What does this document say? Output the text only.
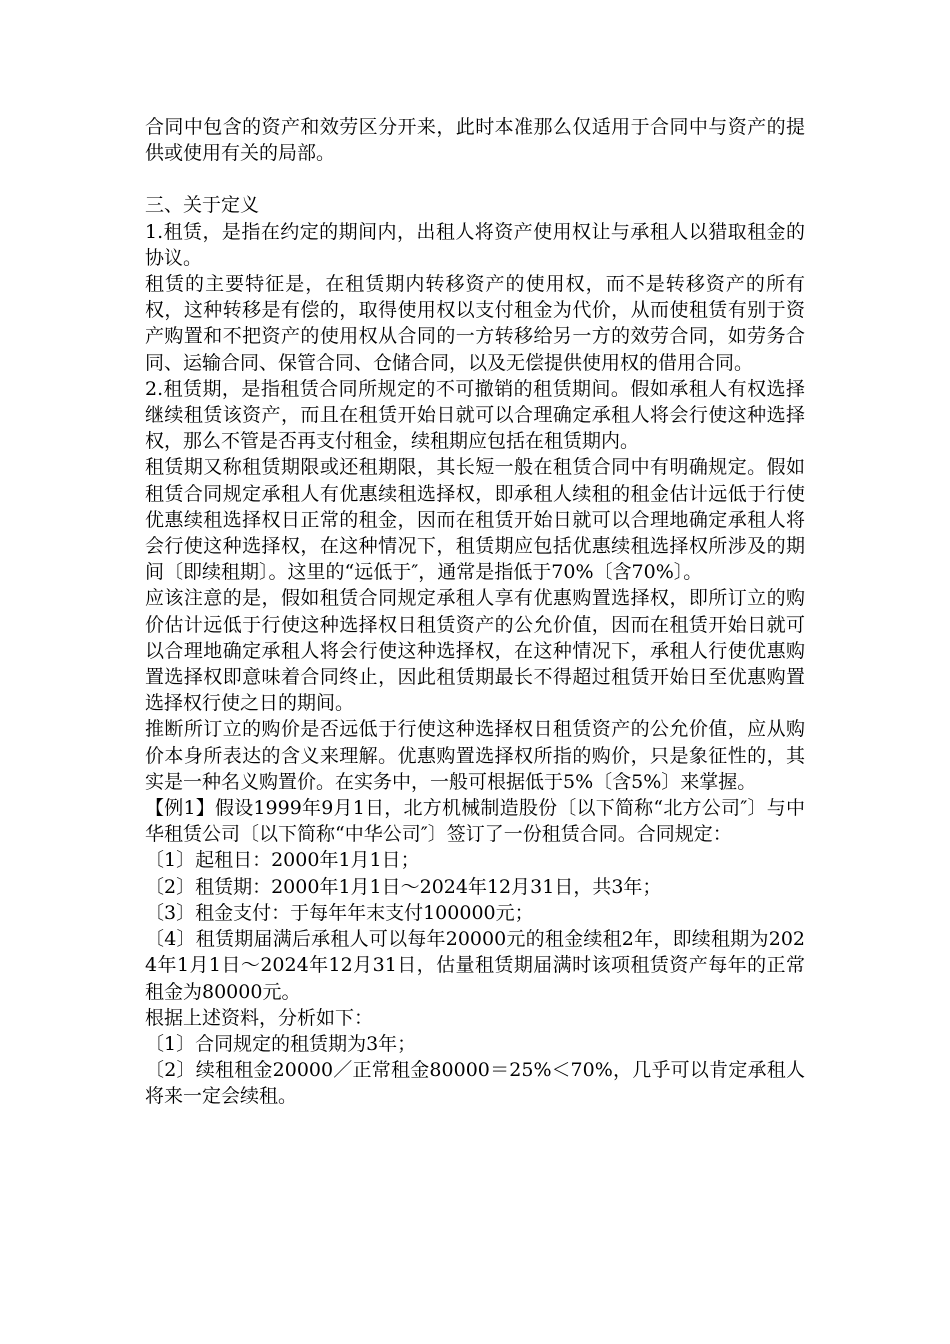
合同中包含的资产和效劳区分开来，此时本准那么仅适用于合同中与资产的提供或使用有关的局部。

三、关于定义

1.租赁，是指在约定的期间内，出租人将资产使用权让与承租人以猎取租金的协议。

租赁的主要特征是，在租赁期内转移资产的使用权，而不是转移资产的所有权，这种转移是有偿的，取得使用权以支付租金为代价，从而使租赁有别于资产购置和不把资产的使用权从合同的一方转移给另一方的效劳合同，如劳务合同、运输合同、保管合同、仓储合同，以及无偿提供使用权的借用合同。

2.租赁期，是指租赁合同所规定的不可撤销的租赁期间。假如承租人有权选择继续租赁该资产，而且在租赁开始日就可以合理确定承租人将会行使这种选择权，那么不管是否再支付租金，续租期应包括在租赁期内。

租赁期又称租赁期限或还租期限，其长短一般在租赁合同中有明确规定。假如租赁合同规定承租人有优惠续租选择权，即承租人续租的租金估计远低于行使优惠续租选择权日正常的租金，因而在租赁开始日就可以合理地确定承租人将会行使这种选择权，在这种情况下，租赁期应包括优惠续租选择权所涉及的期间〔即续租期〕。这里的“远低于″，通常是指低于70%〔含70%〕。

应该注意的是，假如租赁合同规定承租人享有优惠购置选择权，即所订立的购价估计远低于行使这种选择权日租赁资产的公允价值，因而在租赁开始日就可以合理地确定承租人将会行使这种选择权，在这种情况下，承租人行使优惠购置选择权即意味着合同终止，因此租赁期最长不得超过租赁开始日至优惠购置选择权行使之日的期间。

推断所订立的购价是否远低于行使这种选择权日租赁资产的公允价值，应从购价本身所表达的含义来理解。优惠购置选择权所指的购价，只是象征性的，其实是一种名义购置价。在实务中，一般可根据低于5%〔含5%〕来掌握。

【例1】假设1999年9月1日，北方机械制造股份〔以下简称“北方公司″〕与中华租赁公司〔以下简称“中华公司″〕签订了一份租赁合同。合同规定：

〔1〕起租日：2000年1月1日；

〔2〕租赁期：2000年1月1日～2024年12月31日，共3年；

〔3〕租金支付：于每年年末支付100000元；

〔4〕租赁期届满后承租人可以每年20000元的租金续租2年，即续租期为2024年1月1日～2024年12月31日，估量租赁期届满时该项租赁资产每年的正常租金为80000元。

根据上述资料，分析如下：

〔1〕合同规定的租赁期为3年；

〔2〕续租租金20000／正常租金80000＝25%＜70%，几乎可以肯定承租人将来一定会续租。
